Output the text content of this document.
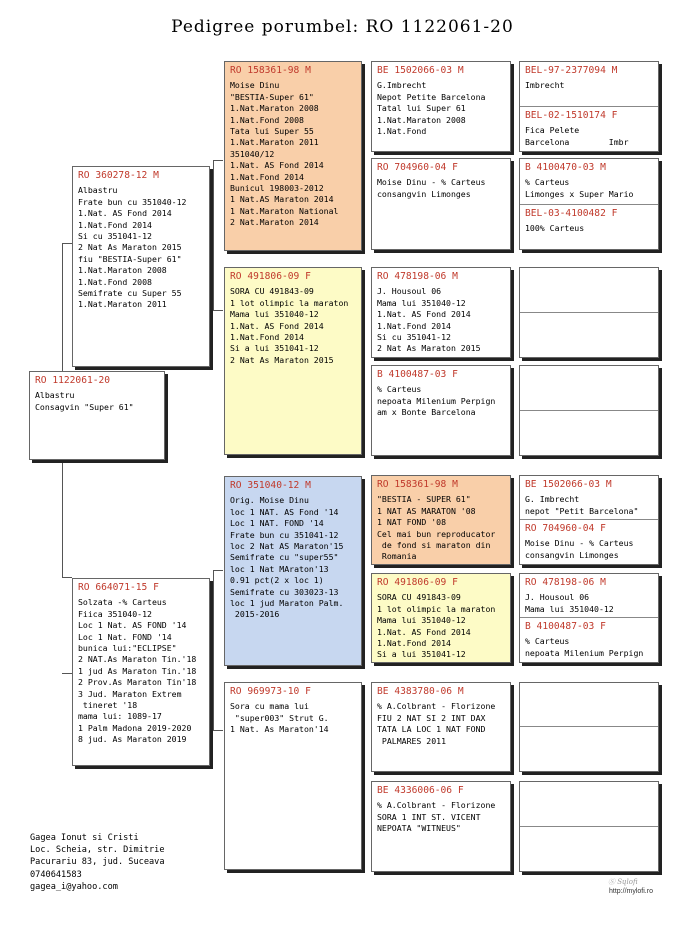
Pedigree porumbel: RO 1122061-20
RO 1122061-20
Albastru
Consagvin "Super 61"
RO 360278-12 M
Albastru
Frate bun cu 351040-12
1.Nat. AS Fond 2014
1.Nat.Fond 2014
Si cu 351041-12
2 Nat As Maraton 2015
fiu "BESTIA-Super 61"
1.Nat.Maraton 2008
1.Nat.Fond 2008
Semifrate cu Super 55
1.Nat.Maraton 2011
RO 664071-15 F
Solzata -% Carteus
Fiica 351040-12
Loc 1 Nat. AS FOND '14
Loc 1 Nat. FOND '14
bunica lui:"ECLIPSE"
2 NAT.As Maraton Tin.'18
1 jud As Maraton Tin.'18
2 Prov.As Maraton Tin'18
3 Jud. Maraton Extrem
tineret '18
mama lui: 1089-17
1 Palm Madona 2019-2020
8 jud. As Maraton 2019
RO 158361-98 M
Moise Dinu
"BESTIA-Super 61"
1.Nat.Maraton 2008
1.Nat.Fond 2008
Tata lui Super 55
1.Nat.Maraton 2011
351040/12
1.Nat. AS Fond 2014
1.Nat.Fond 2014
Bunicul 198003-2012
1 Nat.AS Maraton 2014
1 Nat.Maraton National
2 Nat.Maraton 2014
RO 491806-09 F
SORA CU 491843-09
1 lot olimpic la maraton
Mama lui 351040-12
1.Nat. AS Fond 2014
1.Nat.Fond 2014
Si a lui 351041-12
2 Nat As Maraton 2015
RO 351040-12 M
Orig. Moise Dinu
loc 1 NAT. AS Fond '14
Loc 1 NAT. FOND '14
Frate bun cu 351041-12
loc 2 Nat AS Maraton'15
Semifrate cu "super55"
loc 1 Nat MAraton'13
0.91 pct(2 x loc 1)
Semifrate cu 303023-13
loc 1 jud Maraton Palm.
2015-2016
RO 969973-10 F
Sora cu mama lui
"super003" Strut G.
1 Nat. As Maraton'14
BE 1502066-03 M
G.Imbrecht
Nepot Petite Barcelona
Tatal lui Super 61
1.Nat.Maraton 2008
1.Nat.Fond
RO 704960-04 F
Moise Dinu - % Carteus
consangvin Limonges
RO 478198-06 M
J. Housoul 06
Mama lui 351040-12
1.Nat. AS Fond 2014
1.Nat.Fond 2014
Si cu 351041-12
2 Nat As Maraton 2015
B 4100487-03 F
% Carteus
nepoata Milenium Perpign
am x Bonte Barcelona
RO 158361-98 M
"BESTIA - SUPER 61"
1 NAT AS MARATON '08
1 NAT FOND '08
Cel mai bun reproducator
de fond si maraton din
Romania
RO 491806-09 F
SORA CU 491843-09
1 lot olimpic la maraton
Mama lui 351040-12
1.Nat. AS Fond 2014
1.Nat.Fond 2014
Si a lui 351041-12
BE 4383780-06 M
% A.Colbrant - Florizone
FIU 2 NAT SI 2 INT DAX
TATA LA LOC 1 NAT FOND
PALMARES 2011
BE 4336006-06 F
% A.Colbrant - Florizone
SORA 1 INT ST. VICENT
NEPOATA "WITNEUS"
BEL-97-2377094 M
Imbrecht
BEL-02-1510174 F
Fica Pelete
Barcelona        Imbr
B 4100470-03 M
% Carteus
Limonges x Super Mario
BEL-03-4100482 F
100% Carteus
BE 1502066-03 M
G. Imbrecht
nepot "Petit Barcelona"
RO 704960-04 F
Moise Dinu - % Carteus
consangvin Limonges
RO 478198-06 M
J. Housoul 06
Mama lui 351040-12
B 4100487-03 F
% Carteus
nepoata Milenium Perpign
Gagea Ionut si Cristi
Loc. Scheia, str. Dimitrie
Pacurariu 83, jud. Suceava
0740641583
gagea_i@yahoo.com	Ⓢ Sɥlofi
http://mylofi.ro
